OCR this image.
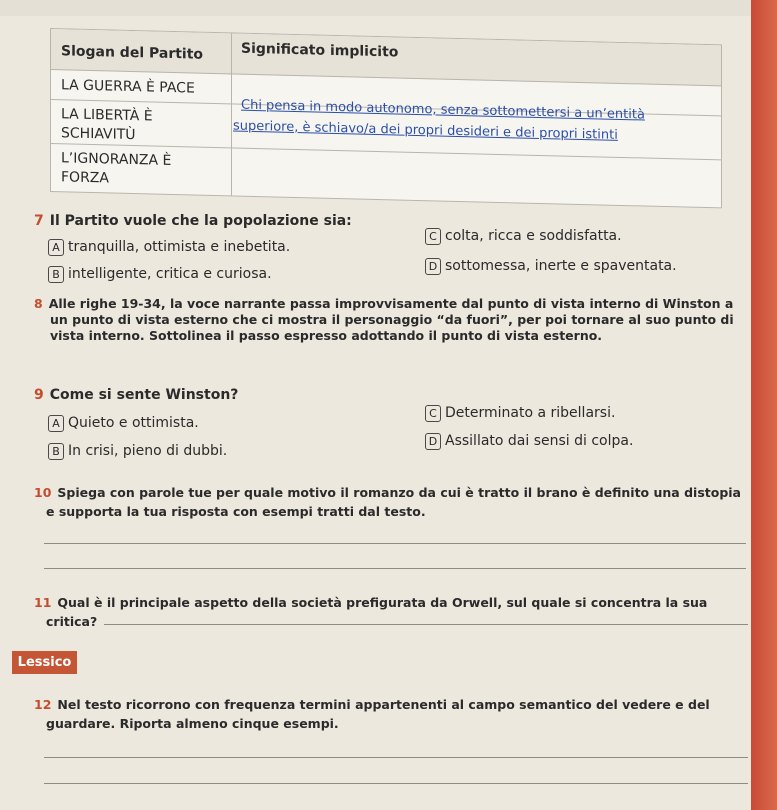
Slogan del Partito	Significato implicito
LA GUERRA È PACE
LA LIBERTÀ È
SCHIAVITÙ
Chi pensa in modo autonomo, senza sottomettersi a un’entità
superiore, è schiavo/a dei propri desideri e dei propri istinti
L’IGNORANZA È
FORZA
7 Il Partito vuole che la popolazione sia:
A tranquilla, ottimista e inebetita.
B intelligente, critica e curiosa.
C colta, ricca e soddisfatta.
D sottomessa, inerte e spaventata.
8 Alle righe 19-34, la voce narrante passa improvvisamente dal punto di vista interno di Winston a
un punto di vista esterno che ci mostra il personaggio “da fuori”, per poi tornare al suo punto di
vista interno. Sottolinea il passo espresso adottando il punto di vista esterno.
9 Come si sente Winston?
A Quieto e ottimista.
B In crisi, pieno di dubbi.
C Determinato a ribellarsi.
D Assillato dai sensi di colpa.
10 Spiega con parole tue per quale motivo il romanzo da cui è tratto il brano è definito una distopia
e supporta la tua risposta con esempi tratti dal testo.
11 Qual è il principale aspetto della società prefigurata da Orwell, sul quale si concentra la sua
critica?
Lessico
12 Nel testo ricorrono con frequenza termini appartenenti al campo semantico del vedere e del
guardare. Riporta almeno cinque esempi.
